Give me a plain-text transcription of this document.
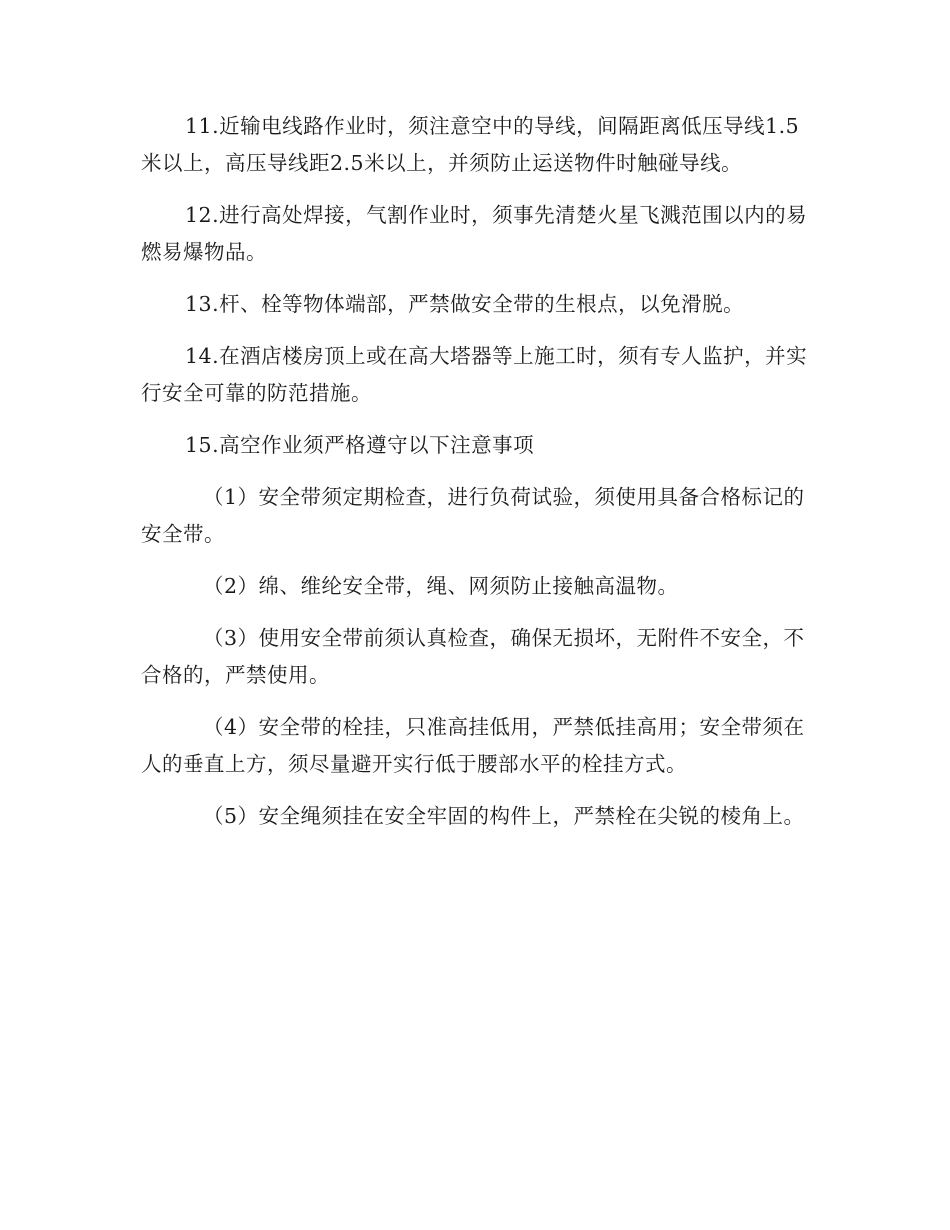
11.近输电线路作业时，须注意空中的导线，间隔距离低压导线1.5米以上，高压导线距2.5米以上，并须防止运送物件时触碰导线。

12.进行高处焊接，气割作业时，须事先清楚火星飞溅范围以内的易燃易爆物品。

13.杆、栓等物体端部，严禁做安全带的生根点，以免滑脱。

14.在酒店楼房顶上或在高大塔器等上施工时，须有专人监护，并实行安全可靠的防范措施。

15.高空作业须严格遵守以下注意事项

（1）安全带须定期检查，进行负荷试验，须使用具备合格标记的安全带。

（2）绵、维纶安全带，绳、网须防止接触高温物。

（3）使用安全带前须认真检查，确保无损坏，无附件不安全，不合格的，严禁使用。

（4）安全带的栓挂，只准高挂低用，严禁低挂高用；安全带须在人的垂直上方，须尽量避开实行低于腰部水平的栓挂方式。

（5）安全绳须挂在安全牢固的构件上，严禁栓在尖锐的棱角上。
